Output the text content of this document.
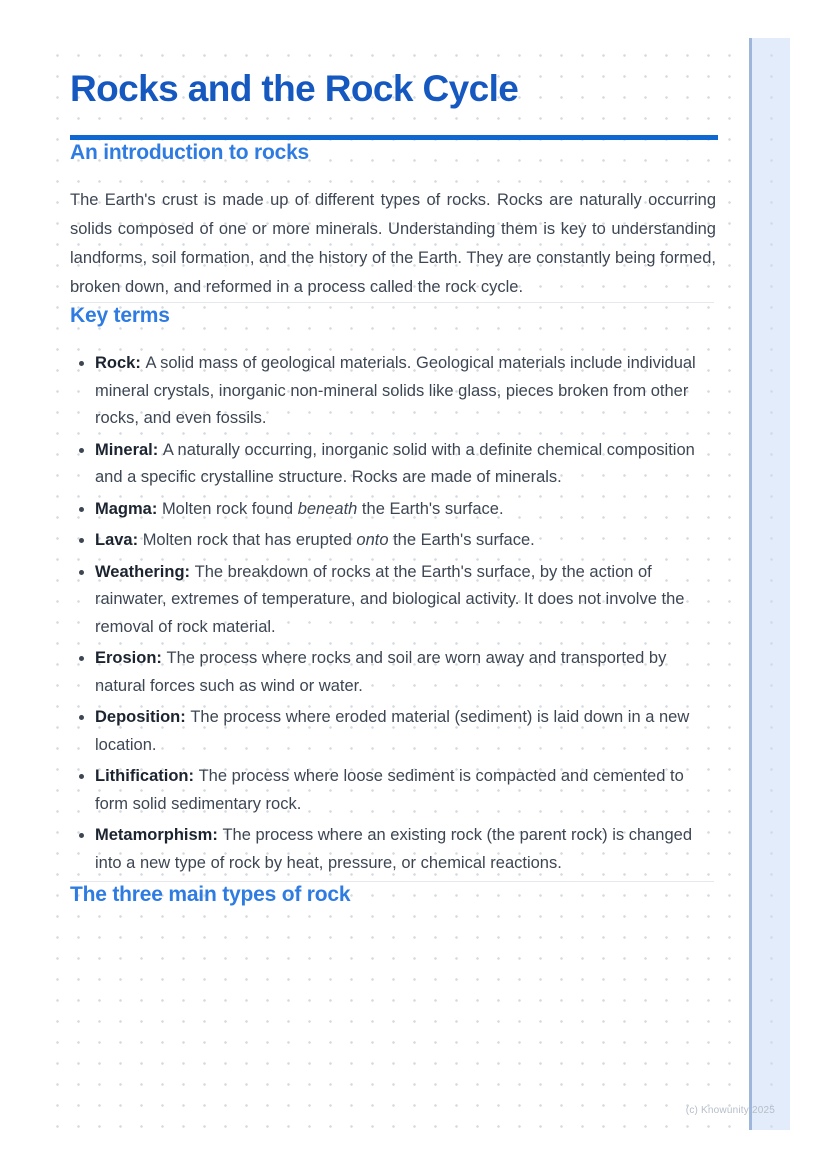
Rocks and the Rock Cycle
An introduction to rocks

The Earth's crust is made up of different types of rocks. Rocks are naturally occurring solids composed of one or more minerals. Understanding them is key to understanding landforms, soil formation, and the history of the Earth. They are constantly being formed, broken down, and reformed in a process called the rock cycle.

Key terms
• Rock: A solid mass of geological materials. Geological materials include individual mineral crystals, inorganic non-mineral solids like glass, pieces broken from other rocks, and even fossils.
• Mineral: A naturally occurring, inorganic solid with a definite chemical composition and a specific crystalline structure. Rocks are made of minerals.
• Magma: Molten rock found beneath the Earth's surface.
• Lava: Molten rock that has erupted onto the Earth's surface.
• Weathering: The breakdown of rocks at the Earth's surface, by the action of rainwater, extremes of temperature, and biological activity. It does not involve the removal of rock material.
• Erosion: The process where rocks and soil are worn away and transported by natural forces such as wind or water.
• Deposition: The process where eroded material (sediment) is laid down in a new location.
• Lithification: The process where loose sediment is compacted and cemented to form solid sedimentary rock.
• Metamorphism: The process where an existing rock (the parent rock) is changed into a new type of rock by heat, pressure, or chemical reactions.
The three main types of rock
(c) Knowunity 2025
